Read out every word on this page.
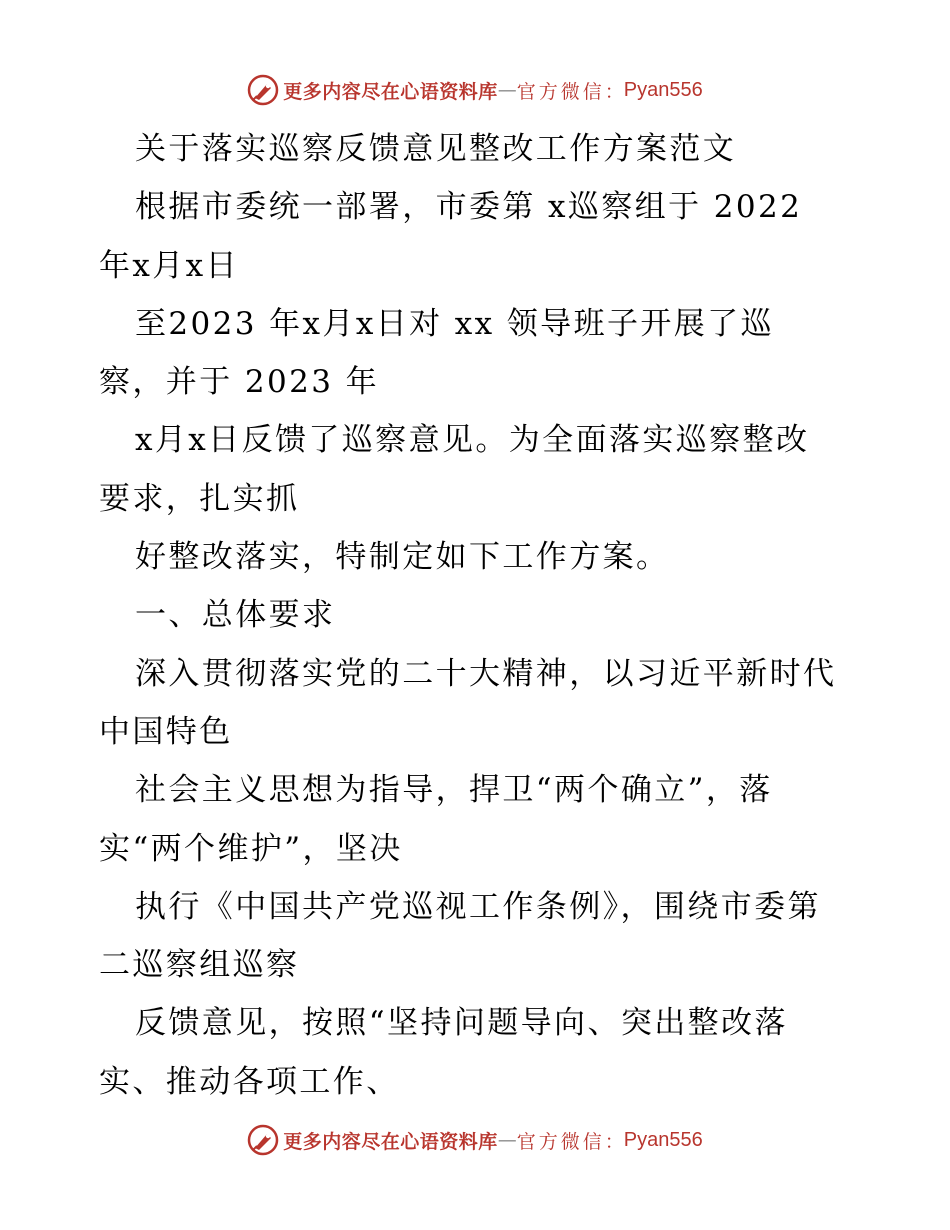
更多内容尽在心语资料库 — 官方微信 ： Pyan556
关于落实巡察反馈意见整改工作方案范文
根据市委统一部署，市委第 x巡察组于 2022
年x月x日
至2023 年x月x日对 xx 领导班子开展了巡
察，并于 2023 年
x月x日反馈了巡察意见。为全面落实巡察整改
要求，扎实抓
好整改落实，特制定如下工作方案。
一、总体要求
深入贯彻落实党的二十大精神，以习近平新时代
中国特色
社会主义思想为指导，捍卫“两个确立”，落
实“两个维护”，坚决
执行《中国共产党巡视工作条例》，围绕市委第
二巡察组巡察
反馈意见，按照“坚持问题导向、突出整改落
实、推动各项工作、
更多内容尽在心语资料库 — 官方微信 ： Pyan556
